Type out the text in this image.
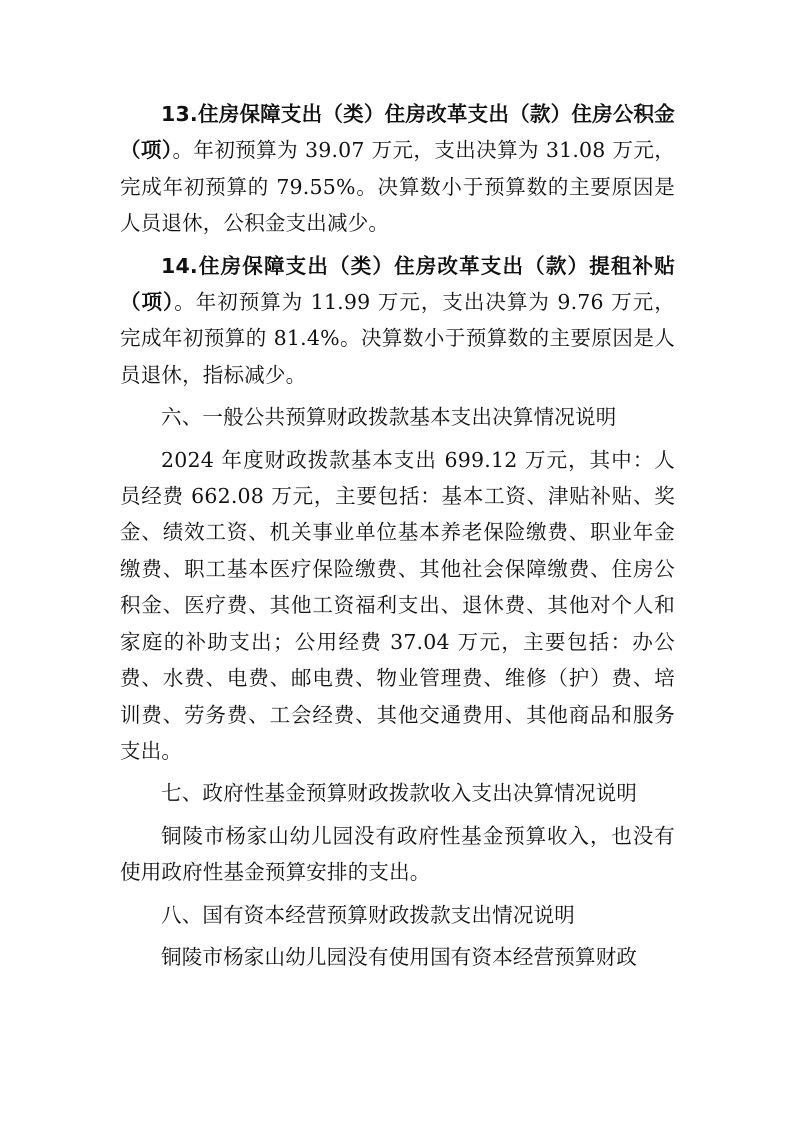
13.住房保障支出（类）住房改革支出（款）住房公积金（项）。年初预算为 39.07 万元，支出决算为 31.08 万元，完成年初预算的 79.55%。决算数小于预算数的主要原因是人员退休，公积金支出减少。

14.住房保障支出（类）住房改革支出（款）提租补贴（项）。年初预算为 11.99 万元，支出决算为 9.76 万元，完成年初预算的 81.4%。决算数小于预算数的主要原因是人员退休，指标减少。

六、一般公共预算财政拨款基本支出决算情况说明

2024 年度财政拨款基本支出 699.12 万元，其中：人员经费 662.08 万元，主要包括：基本工资、津贴补贴、奖金、绩效工资、机关事业单位基本养老保险缴费、职业年金缴费、职工基本医疗保险缴费、其他社会保障缴费、住房公积金、医疗费、其他工资福利支出、退休费、其他对个人和家庭的补助支出；公用经费 37.04 万元，主要包括：办公费、水费、电费、邮电费、物业管理费、维修（护）费、培训费、劳务费、工会经费、其他交通费用、其他商品和服务支出。

七、政府性基金预算财政拨款收入支出决算情况说明

铜陵市杨家山幼儿园没有政府性基金预算收入，也没有使用政府性基金预算安排的支出。

八、国有资本经营预算财政拨款支出情况说明

铜陵市杨家山幼儿园没有使用国有资本经营预算财政
